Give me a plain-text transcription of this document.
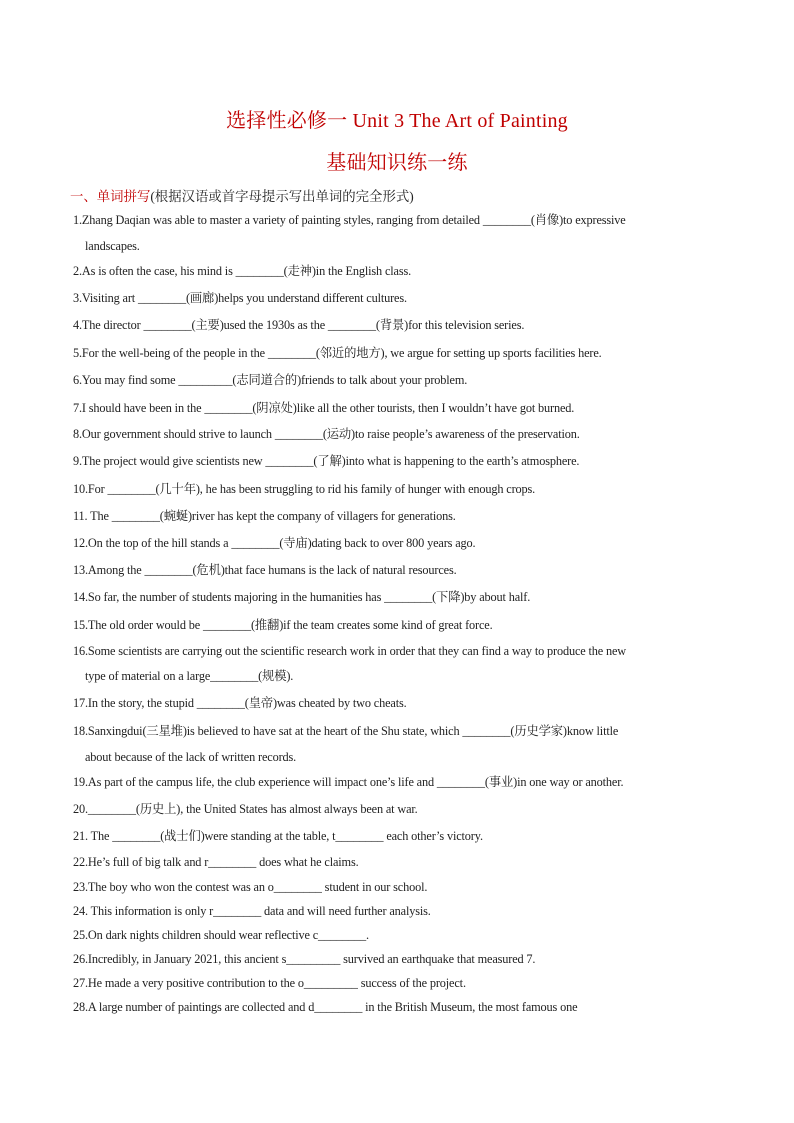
选择性必修一 Unit 3 The Art of Painting
基础知识练一练
一、单词拼写(根据汉语或首字母提示写出单词的完全形式)
1.Zhang Daqian was able to master a variety of painting styles, ranging from detailed ________(肖像)to expressive
landscapes.
2.As is often the case, his mind is ________(走神)in the English class.
3.Visiting art ________(画廊)helps you understand different cultures.
4.The director ________(主要)used the 1930s as the ________(背景)for this television series.
5.For the well-being of the people in the ________(邻近的地方), we argue for setting up sports facilities here.
6.You may find some _________(志同道合的)friends to talk about your problem.
7.I should have been in the ________(阴凉处)like all the other tourists, then I wouldn’t have got burned.
8.Our government should strive to launch ________(运动)to raise people’s awareness of the preservation.
9.The project would give scientists new ________(了解)into what is happening to the earth’s atmosphere.
10.For ________(几十年), he has been struggling to rid his family of hunger with enough crops.
11. The ________(蜿蜒)river has kept the company of villagers for generations.
12.On the top of the hill stands a ________(寺庙)dating back to over 800 years ago.
13.Among the ________(危机)that face humans is the lack of natural resources.
14.So far, the number of students majoring in the humanities has ________(下降)by about half.
15.The old order would be ________(推翻)if the team creates some kind of great force.
16.Some scientists are carrying out the scientific research work in order that they can find a way to produce the new
type of material on a large________(规模).
17.In the story, the stupid ________(皇帝)was cheated by two cheats.
18.Sanxingdui(三星堆)is believed to have sat at the heart of the Shu state, which ________(历史学家)know little
about because of the lack of written records.
19.As part of the campus life, the club experience will impact one’s life and ________(事业)in one way or another.
20.________(历史上), the United States has almost always been at war.
21. The ________(战士们)were standing at the table, t________ each other’s victory.
22.He’s full of big talk and r________ does what he claims.
23.The boy who won the contest was an o________ student in our school.
24. This information is only r________ data and will need further analysis.
25.On dark nights children should wear reflective c________.
26.Incredibly, in January 2021, this ancient s_________ survived an earthquake that measured 7.
27.He made a very positive contribution to the o_________ success of the project.
28.A large number of paintings are collected and d________ in the British Museum, the most famous one
